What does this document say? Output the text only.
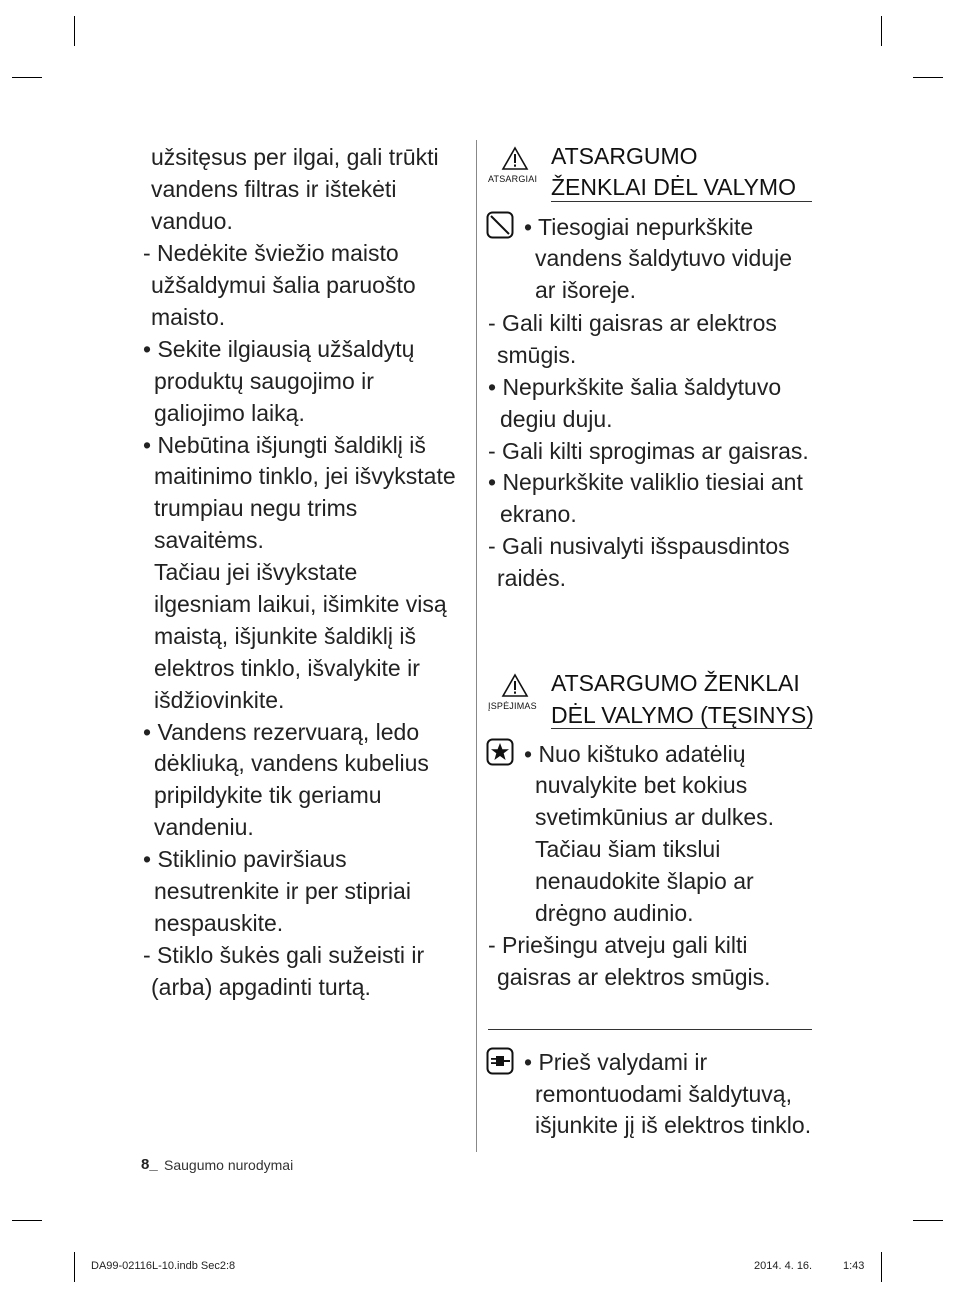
užsitęsus per ilgai, gali trūkti
vandens filtras ir ištekėti
vanduo.
- Nedėkite šviežio maisto
užšaldymui šalia paruošto
maisto.
• Sekite ilgiausią užšaldytų
produktų saugojimo ir
galiojimo laiką.
• Nebūtina išjungti šaldiklį iš
maitinimo tinklo, jei išvykstate
trumpiau negu trims
savaitėms.
Tačiau jei išvykstate
ilgesniam laikui, išimkite visą
maistą, išjunkite šaldiklį iš
elektros tinklo, išvalykite ir
išdžiovinkite.
• Vandens rezervuarą, ledo
dėkliuką, vandens kubelius
pripildykite tik geriamu
vandeniu.
• Stiklinio paviršiaus
nesutrenkite ir per stipriai
nespauskite.
- Stiklo šukės gali sužeisti ir
(arba) apgadinti turtą.
ATSARGIAI
ATSARGUMO
ŽENKLAI DĖL VALYMO
• Tiesogiai nepurkškite
vandens šaldytuvo viduje
ar išoreje.
- Gali kilti gaisras ar elektros
smūgis.
• Nepurkškite šalia šaldytuvo
degiu duju.
- Gali kilti sprogimas ar gaisras.
• Nepurkškite valiklio tiesiai ant
ekrano.
- Gali nusivalyti išspausdintos
raidės.
ĮSPĖJIMAS
ATSARGUMO ŽENKLAI
DĖL VALYMO (TĘSINYS)
• Nuo kištuko adatėlių
nuvalykite bet kokius
svetimkūnius ar dulkes.
Tačiau šiam tikslui
nenaudokite šlapio ar
drėgno audinio.
- Priešingu atveju gali kilti
gaisras ar elektros smūgis.
• Prieš valydami ir
remontuodami šaldytuvą,
išjunkite jį iš elektros tinklo.
8_ Saugumo nurodymai
DA99-02116L-10.indb Sec2:8	2014. 4. 16.	1:43
